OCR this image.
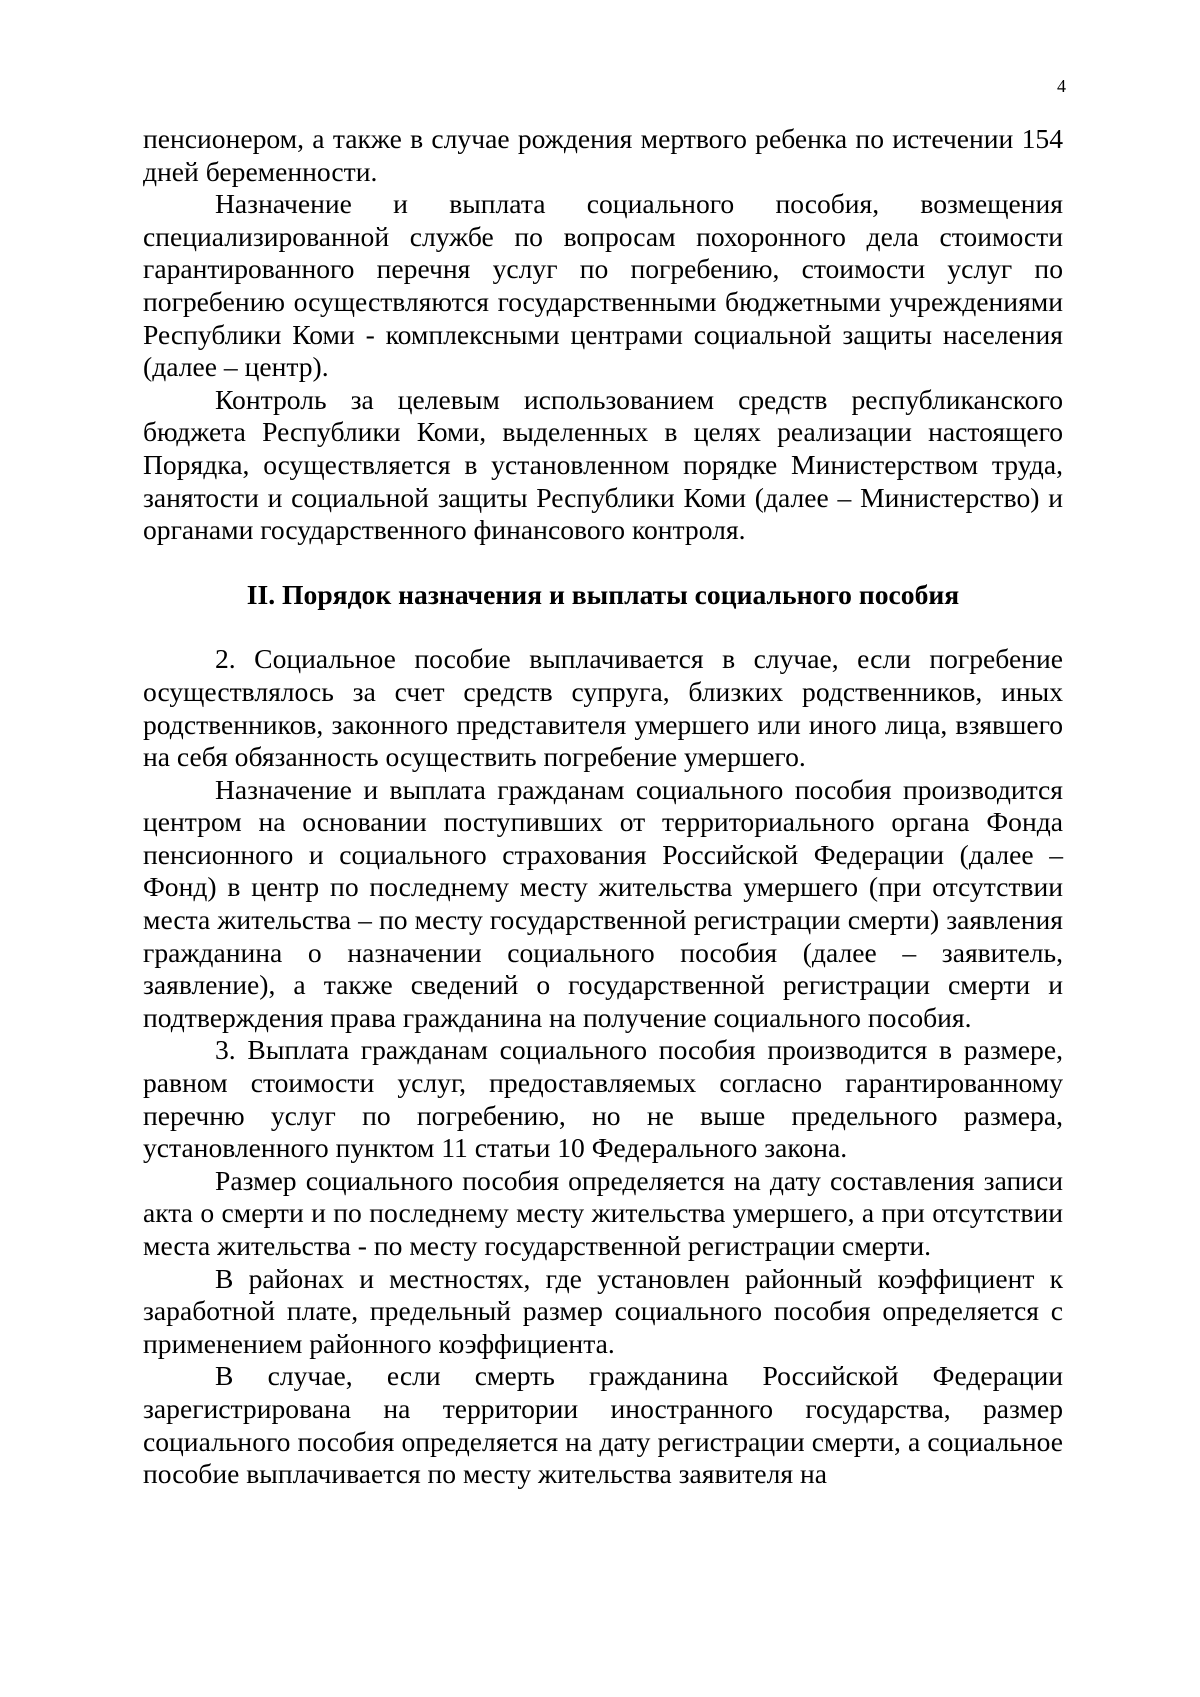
4

пенсионером, а также в случае рождения мертвого ребенка по истечении 154 дней беременности.

Назначение и выплата социального пособия, возмещения специализированной службе по вопросам похоронного дела стоимости гарантированного перечня услуг по погребению, стоимости услуг по погребению осуществляются государственными бюджетными учреждениями Республики Коми - комплексными центрами социальной защиты населения (далее – центр).

Контроль за целевым использованием средств республиканского бюджета Республики Коми, выделенных в целях реализации настоящего Порядка, осуществляется в установленном порядке Министерством труда, занятости и социальной защиты Республики Коми (далее – Министерство) и органами государственного финансового контроля.

II. Порядок назначения и выплаты социального пособия

2. Социальное пособие выплачивается в случае, если погребение осуществлялось за счет средств супруга, близких родственников, иных родственников, законного представителя умершего или иного лица, взявшего на себя обязанность осуществить погребение умершего.

Назначение и выплата гражданам социального пособия производится центром на основании поступивших от территориального органа Фонда пенсионного и социального страхования Российской Федерации (далее – Фонд) в центр по последнему месту жительства умершего (при отсутствии места жительства – по месту государственной регистрации смерти) заявления гражданина о назначении социального пособия (далее – заявитель, заявление), а также сведений о государственной регистрации смерти и подтверждения права гражданина на получение социального пособия.

3. Выплата гражданам социального пособия производится в размере, равном стоимости услуг, предоставляемых согласно гарантированному перечню услуг по погребению, но не выше предельного размера, установленного пунктом 11 статьи 10 Федерального закона.

Размер социального пособия определяется на дату составления записи акта о смерти и по последнему месту жительства умершего, а при отсутствии места жительства - по месту государственной регистрации смерти.

В районах и местностях, где установлен районный коэффициент к заработной плате, предельный размер социального пособия определяется с применением районного коэффициента.

В случае, если смерть гражданина Российской Федерации зарегистрирована на территории иностранного государства, размер социального пособия определяется на дату регистрации смерти, а социальное пособие выплачивается по месту жительства заявителя на
